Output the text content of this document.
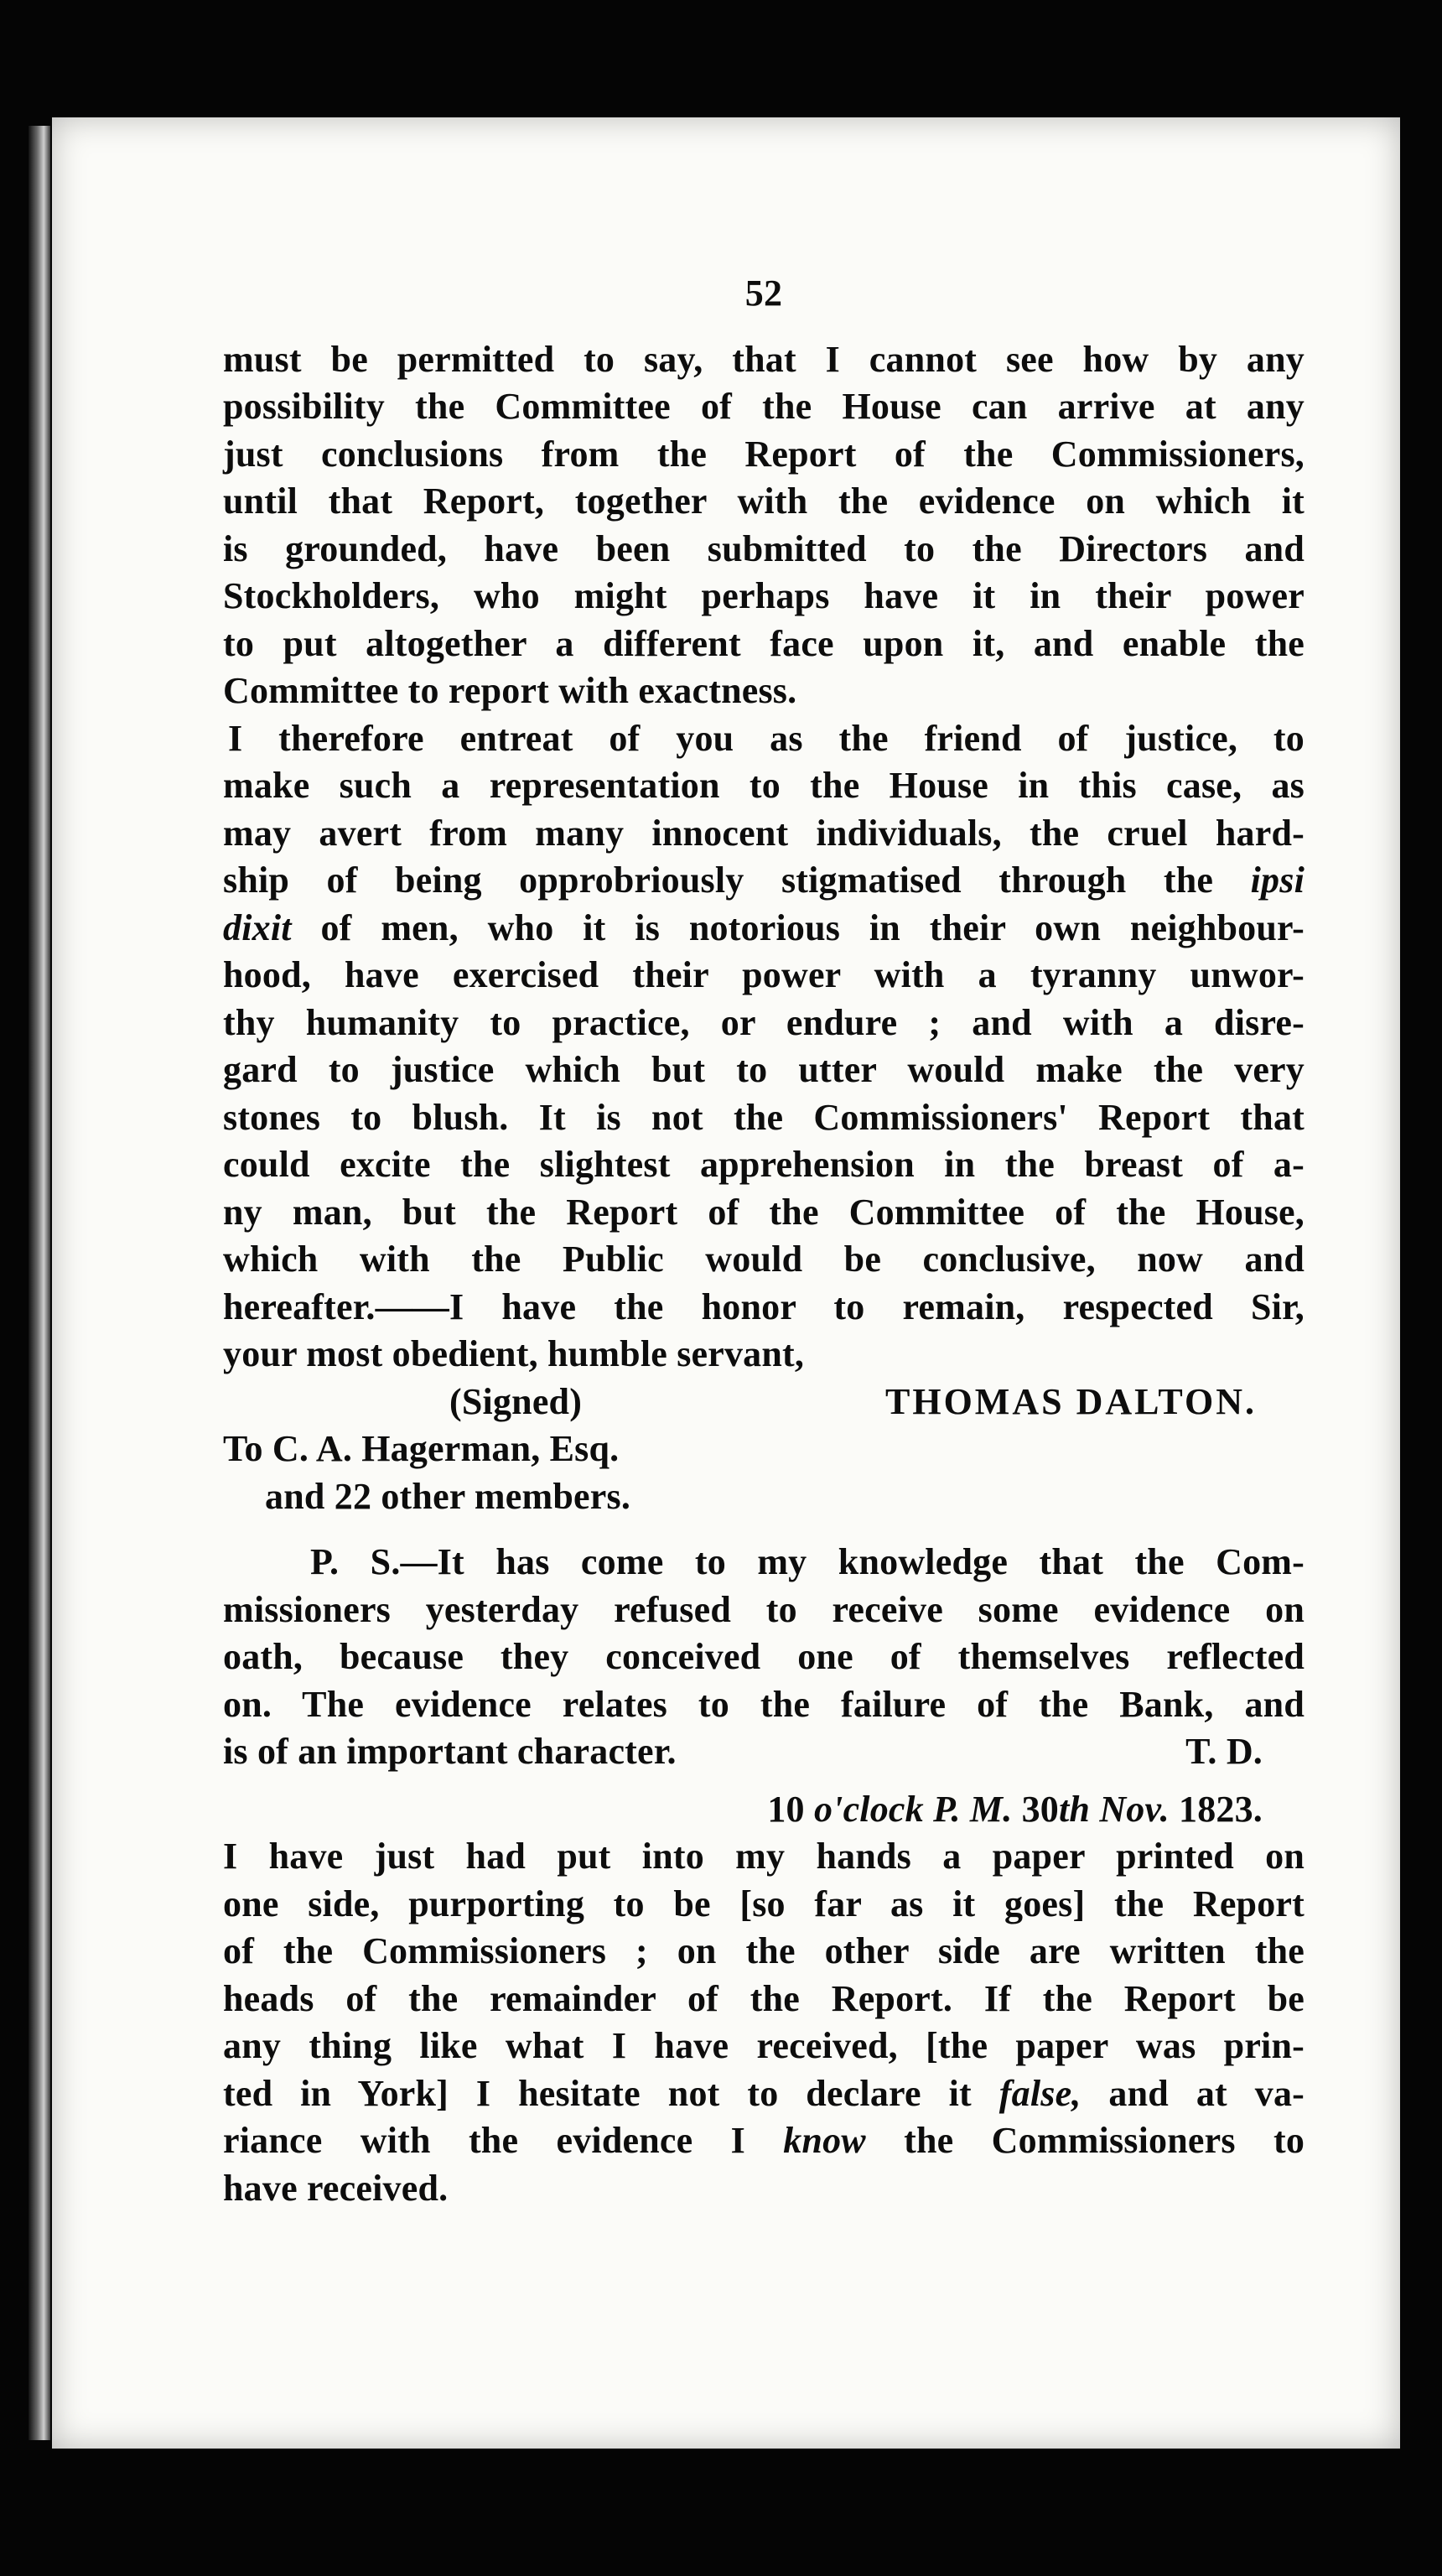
52
must be permitted to say, that I cannot see how by any
possibility the Committee of the House can arrive at any
just conclusions from the Report of the Commissioners,
until that Report, together with the evidence on which it
is grounded, have been submitted to the Directors and
Stockholders, who might perhaps have it in their power
to put altogether a different face upon it, and enable the
Committee to report with exactness.
I therefore entreat of you as the friend of justice, to
make such a representation to the House in this case, as
may avert from many innocent individuals, the cruel hard-
ship of being opprobriously stigmatised through the ipsi
dixit of men, who it is notorious in their own neighbour-
hood, have exercised their power with a tyranny unwor-
thy humanity to practice, or endure ; and with a disre-
gard to justice which but to utter would make the very
stones to blush. It is not the Commissioners' Report that
could excite the slightest apprehension in the breast of a-
ny man, but the Report of the Committee of the House,
which with the Public would be conclusive, now and
hereafter.——I have the honor to remain, respected Sir,
your most obedient, humble servant,
(Signed)	THOMAS DALTON.
To C. A. Hagerman, Esq.
and 22 other members.
P. S.—It has come to my knowledge that the Com-
missioners yesterday refused to receive some evidence on
oath, because they conceived one of themselves reflected
on. The evidence relates to the failure of the Bank, and
is of an important character.	T. D.
10 o'clock P. M. 30th Nov. 1823.
I have just had put into my hands a paper printed on
one side, purporting to be [so far as it goes] the Report
of the Commissioners ; on the other side are written the
heads of the remainder of the Report. If the Report be
any thing like what I have received, [the paper was prin-
ted in York] I hesitate not to declare it false, and at va-
riance with the evidence I know the Commissioners to
have received.
